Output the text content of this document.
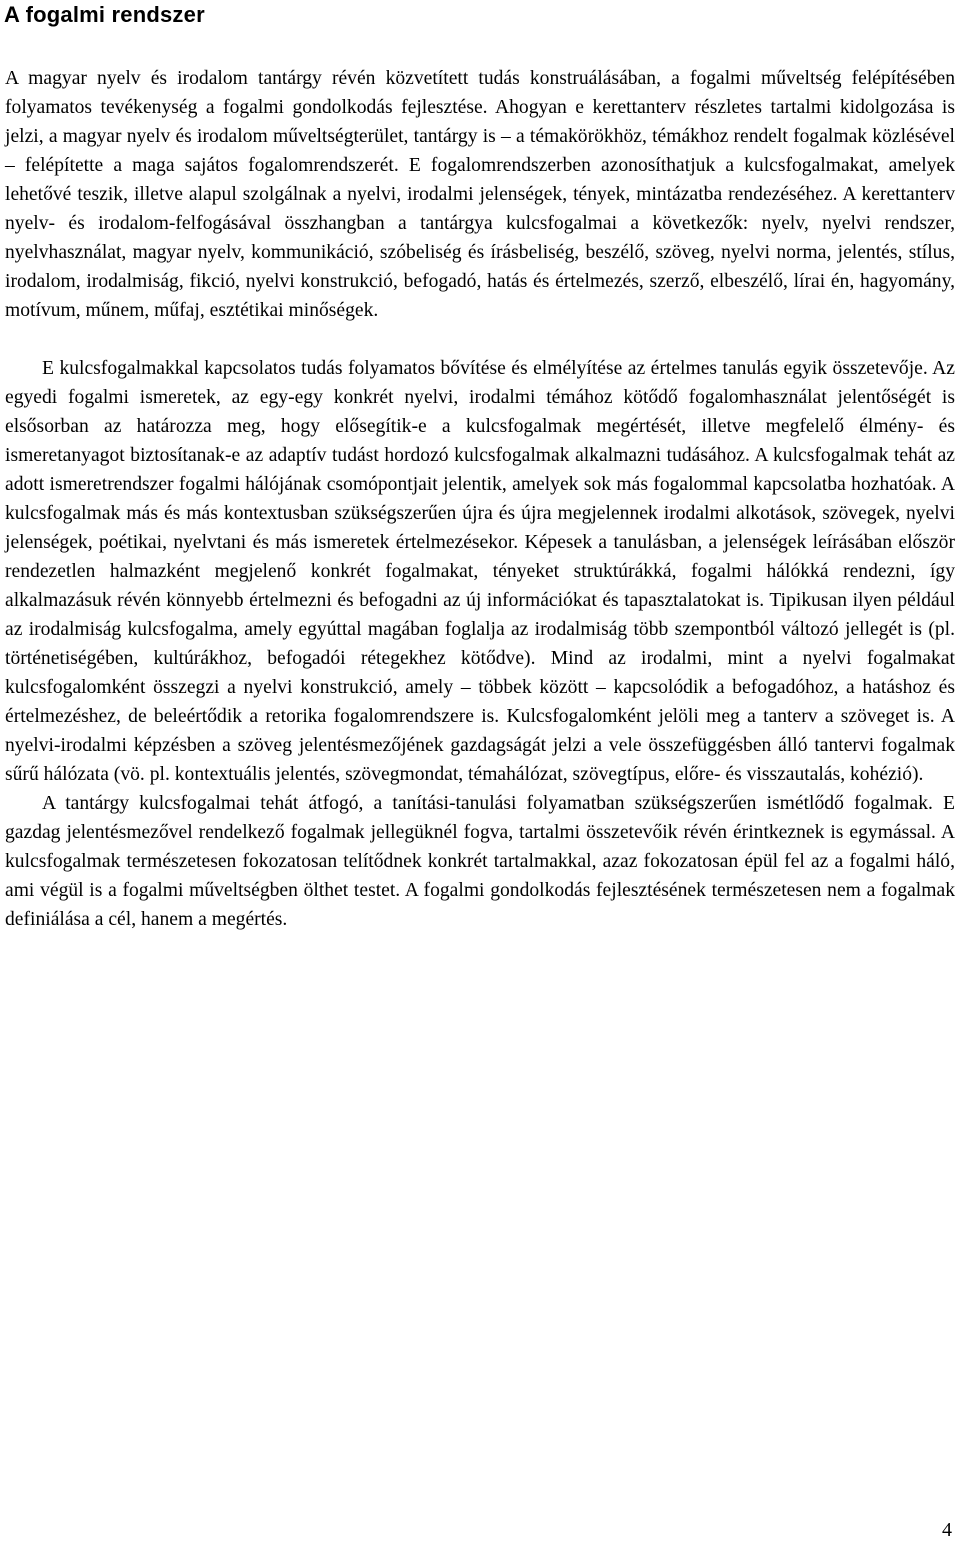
A fogalmi rendszer

A magyar nyelv és irodalom tantárgy révén közvetített tudás konstruálásában, a fogalmi műveltség felépítésében folyamatos tevékenység a fogalmi gondolkodás fejlesztése. Ahogyan e kerettanterv részletes tartalmi kidolgozása is jelzi, a magyar nyelv és irodalom műveltségterület, tantárgy is – a témakörökhöz, témákhoz rendelt fogalmak közlésével – felépítette a maga sajátos fogalomrendszerét. E fogalomrendszerben azonosíthatjuk a kulcsfogalmakat, amelyek lehetővé teszik, illetve alapul szolgálnak a nyelvi, irodalmi jelenségek, tények, mintázatba rendezéséhez. A kerettanterv nyelv- és irodalom-felfogásával összhangban a tantárgya kulcsfogalmai a következők: nyelv, nyelvi rendszer, nyelvhasználat, magyar nyelv, kommunikáció, szóbeliség és írásbeliség, beszélő, szöveg, nyelvi norma, jelentés, stílus, irodalom, irodalmiság, fikció, nyelvi konstrukció, befogadó, hatás és értelmezés, szerző, elbeszélő, lírai én, hagyomány, motívum, műnem, műfaj, esztétikai minőségek.

E kulcsfogalmakkal kapcsolatos tudás folyamatos bővítése és elmélyítése az értelmes tanulás egyik összetevője. Az egyedi fogalmi ismeretek, az egy-egy konkrét nyelvi, irodalmi témához kötődő fogalomhasználat jelentőségét is elsősorban az határozza meg, hogy elősegítik-e a kulcsfogalmak megértését, illetve megfelelő élmény- és ismeretanyagot biztosítanak-e az adaptív tudást hordozó kulcsfogalmak alkalmazni tudásához. A kulcsfogalmak tehát az adott ismeretrendszer fogalmi hálójának csomópontjait jelentik, amelyek sok más fogalommal kapcsolatba hozhatóak. A kulcsfogalmak más és más kontextusban szükségszerűen újra és újra megjelennek irodalmi alkotások, szövegek, nyelvi jelenségek, poétikai, nyelvtani és más ismeretek értelmezésekor. Képesek a tanulásban, a jelenségek leírásában először rendezetlen halmazként megjelenő konkrét fogalmakat, tényeket struktúrákká, fogalmi hálókká rendezni, így alkalmazásuk révén könnyebb értelmezni és befogadni az új információkat és tapasztalatokat is. Tipikusan ilyen például az irodalmiság kulcsfogalma, amely egyúttal magában foglalja az irodalmiság több szempontból változó jellegét is (pl. történetiségében, kultúrákhoz, befogadói rétegekhez kötődve). Mind az irodalmi, mint a nyelvi fogalmakat kulcsfogalomként összegzi a nyelvi konstrukció, amely – többek között – kapcsolódik a befogadóhoz, a hatáshoz és értelmezéshez, de beleértődik a retorika fogalomrendszere is. Kulcsfogalomként jelöli meg a tanterv a szöveget is. A nyelvi-irodalmi képzésben a szöveg jelentésmezőjének gazdagságát jelzi a vele összefüggésben álló tantervi fogalmak sűrű hálózata (vö. pl. kontextuális jelentés, szövegmondat, témahálózat, szövegtípus, előre- és visszautalás, kohézió).

A tantárgy kulcsfogalmai tehát átfogó, a tanítási-tanulási folyamatban szükségszerűen ismétlődő fogalmak. E gazdag jelentésmezővel rendelkező fogalmak jellegüknél fogva, tartalmi összetevőik révén érintkeznek is egymással. A kulcsfogalmak természetesen fokozatosan telítődnek konkrét tartalmakkal, azaz fokozatosan épül fel az a fogalmi háló, ami végül is a fogalmi műveltségben ölthet testet. A fogalmi gondolkodás fejlesztésének természetesen nem a fogalmak definiálása a cél, hanem a megértés.

4
